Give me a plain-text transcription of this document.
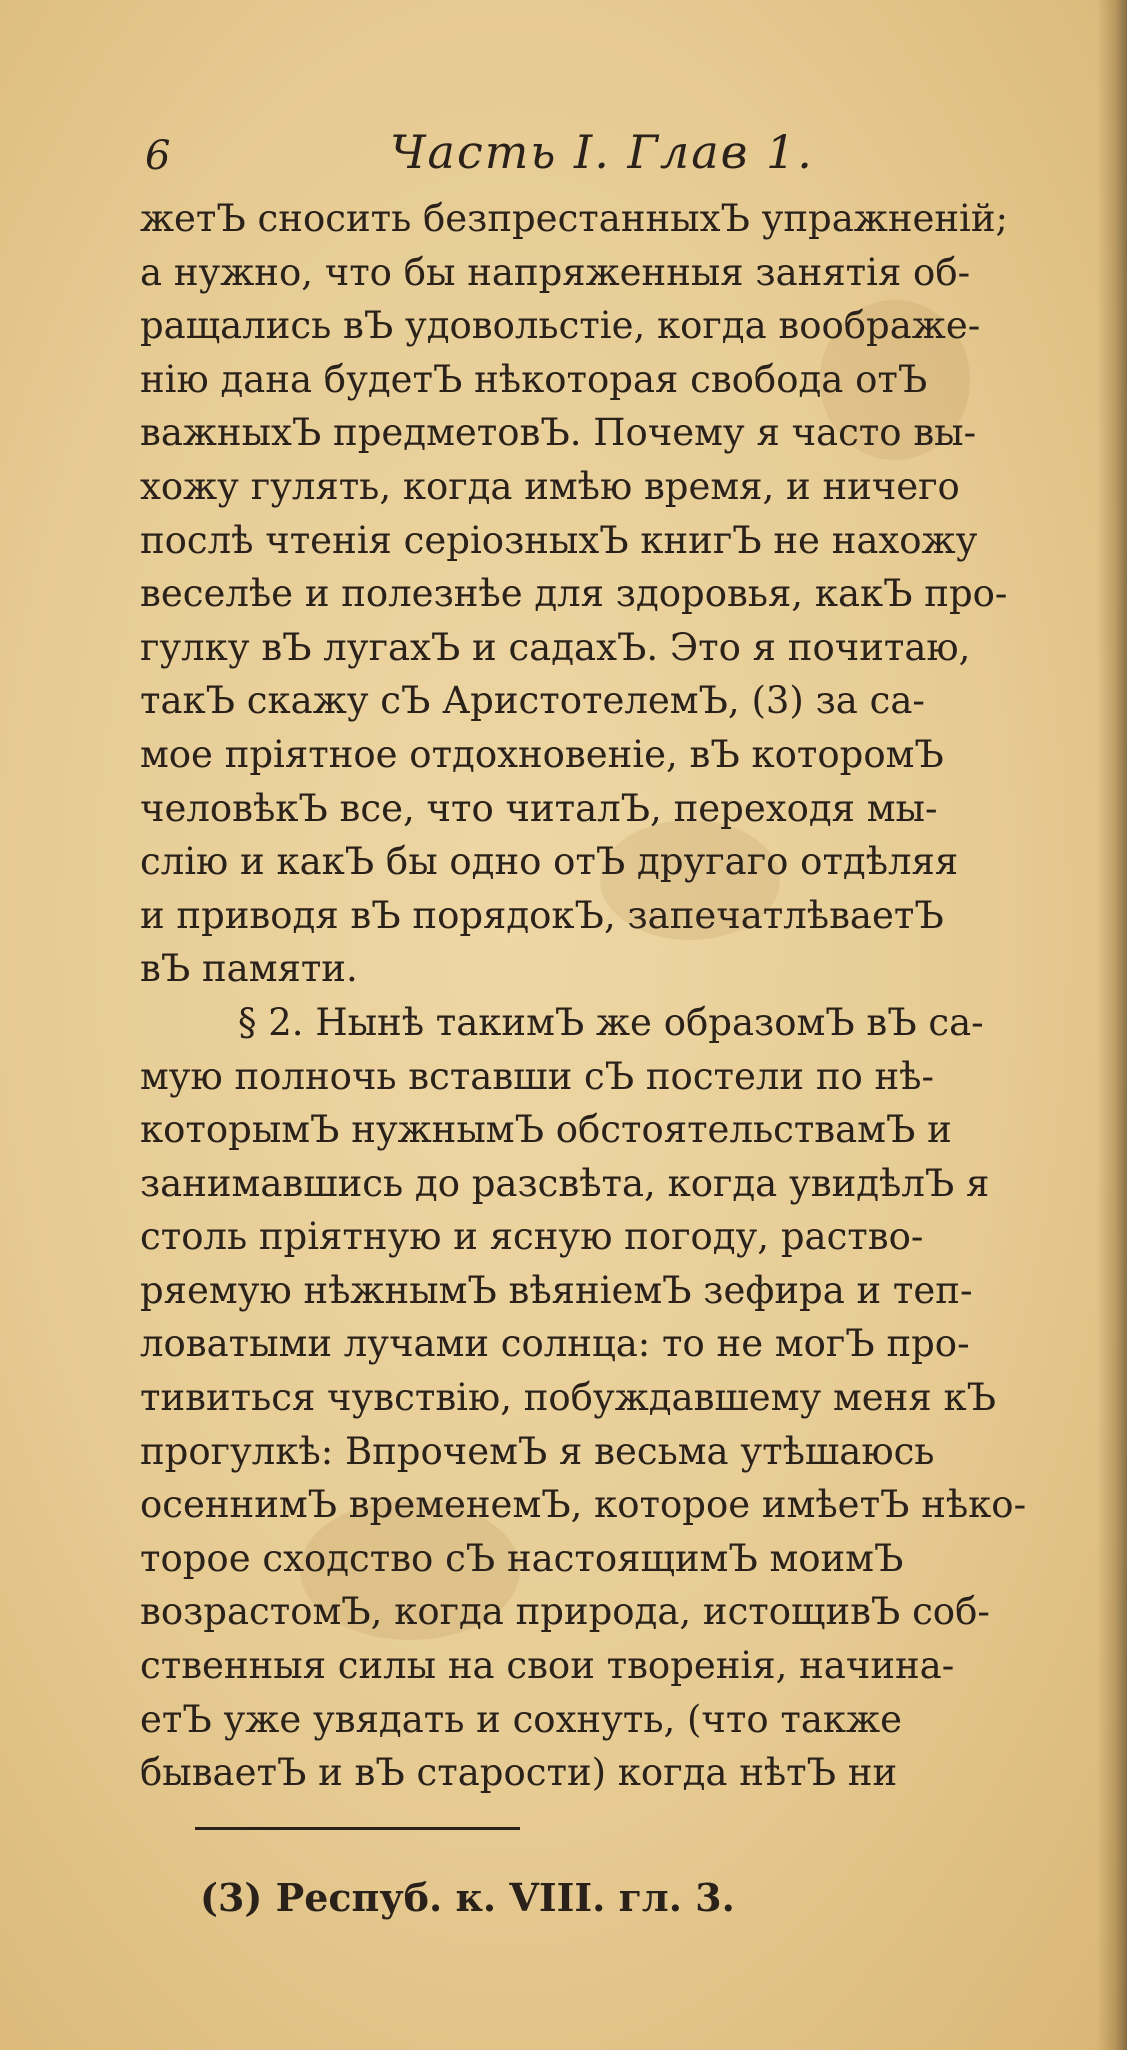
6	Часть I. Глав 1.
жетЪ сносить безпрестанныхЪ упражненій;
а нужно, что бы напряженныя занятія об-
ращались вЪ удовольстіе, когда воображе-
нію дана будетЪ нѣкоторая свобода отЪ
важныхЪ предметовЪ. Почему я часто вы-
хожу гулять, когда имѣю время, и ничего
послѣ чтенія серіозныхЪ книгЪ не нахожу
веселѣе и полезнѣе для здоровья, какЪ про-
гулку вЪ лугахЪ и садахЪ. Это я почитаю,
такЪ скажу сЪ АристотелемЪ, (3) за са-
мое пріятное отдохновеніе, вЪ которомЪ
человѣкЪ все, что читалЪ, переходя мы-
слію и какЪ бы одно отЪ другаго отдѣляя
и приводя вЪ порядокЪ, запечатлѣваетЪ
вЪ памяти.
§ 2. Нынѣ такимЪ же образомЪ вЪ са-
мую полночь вставши сЪ постели по нѣ-
которымЪ нужнымЪ обстоятельствамЪ и
занимавшись до разсвѣта, когда увидѣлЪ я
столь пріятную и ясную погоду, раство-
ряемую нѣжнымЪ вѣяніемЪ зефира и теп-
ловатыми лучами солнца: то не могЪ про-
тивиться чувствію, побуждавшему меня кЪ
прогулкѣ: ВпрочемЪ я весьма утѣшаюсь
осеннимЪ временемЪ, которое имѣетЪ нѣко-
торое сходство сЪ настоящимЪ моимЪ
возрастомЪ, когда природа, истощивЪ соб-
ственныя силы на свои творенія, начина-
етЪ уже увядать и сохнуть, (что также
бываетЪ и вЪ старости) когда нѣтЪ ни
(3) Респуб. к. VIII. гл. 3.
